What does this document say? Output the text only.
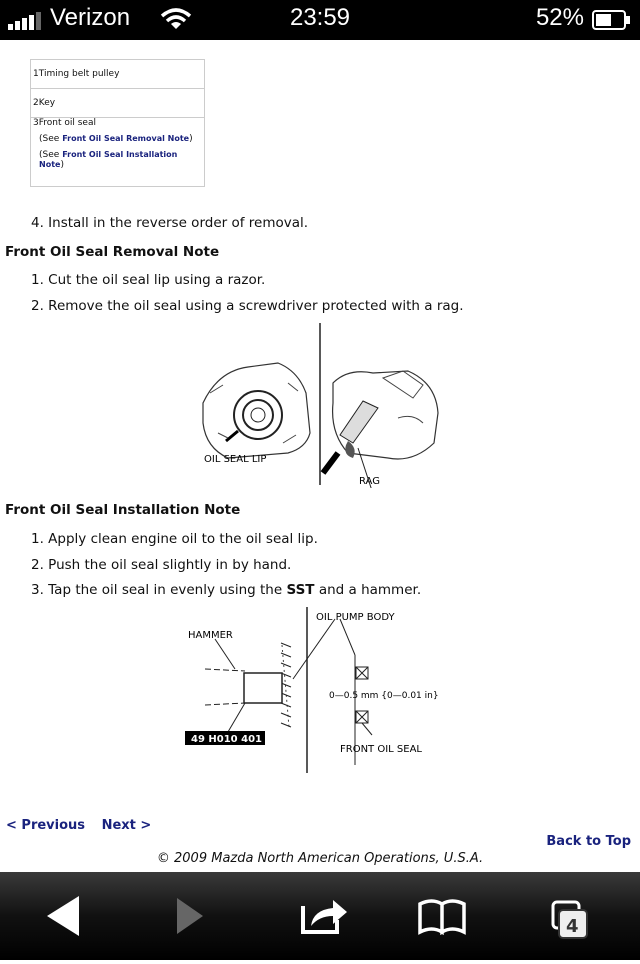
Verizon	23:59	52%
1Timing belt pulley
2Key
3Front oil seal
(See Front Oil Seal Removal Note)
(See Front Oil Seal Installation Note)
4. Install in the reverse order of removal.
Front Oil Seal Removal Note
1. Cut the oil seal lip using a razor.
2. Remove the oil seal using a screwdriver protected with a rag.
OIL SEAL LIP
RAG
Front Oil Seal Installation Note
1. Apply clean engine oil to the oil seal lip.
2. Push the oil seal slightly in by hand.
3. Tap the oil seal in evenly using the SST and a hammer.
HAMMER
OIL PUMP BODY
0—0.5 mm {0—0.01 in}
49 H010 401
FRONT OIL SEAL
< Previous Next >
Back to Top
© 2009 Mazda North American Operations, U.S.A.
4
